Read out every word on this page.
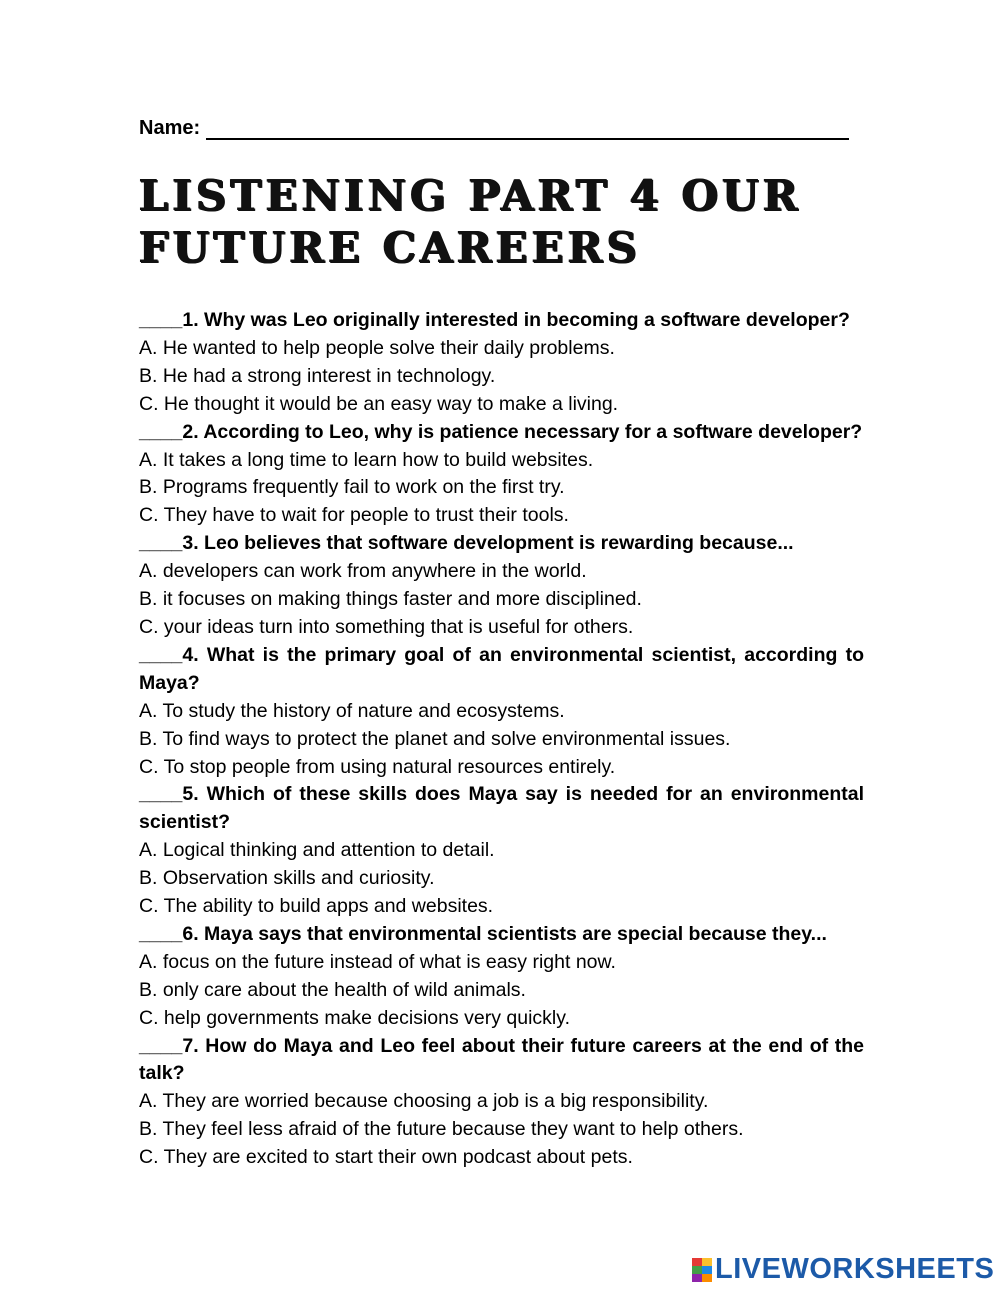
Name:
LISTENING PART 4 OUR FUTURE CAREERS
____1. Why was Leo originally interested in becoming a software developer?
A. He wanted to help people solve their daily problems.
B. He had a strong interest in technology.
C. He thought it would be an easy way to make a living.
____2. According to Leo, why is patience necessary for a software developer?
A. It takes a long time to learn how to build websites.
B. Programs frequently fail to work on the first try.
C. They have to wait for people to trust their tools.
____3. Leo believes that software development is rewarding because...
A. developers can work from anywhere in the world.
B. it focuses on making things faster and more disciplined.
C. your ideas turn into something that is useful for others.
____4. What is the primary goal of an environmental scientist, according to Maya?
A. To study the history of nature and ecosystems.
B. To find ways to protect the planet and solve environmental issues.
C. To stop people from using natural resources entirely.
____5. Which of these skills does Maya say is needed for an environmental scientist?
A. Logical thinking and attention to detail.
B. Observation skills and curiosity.
C. The ability to build apps and websites.
____6. Maya says that environmental scientists are special because they...
A. focus on the future instead of what is easy right now.
B. only care about the health of wild animals.
C. help governments make decisions very quickly.
____7. How do Maya and Leo feel about their future careers at the end of the talk?
A. They are worried because choosing a job is a big responsibility.
B. They feel less afraid of the future because they want to help others.
C. They are excited to start their own podcast about pets.
LIVEWORKSHEETS
